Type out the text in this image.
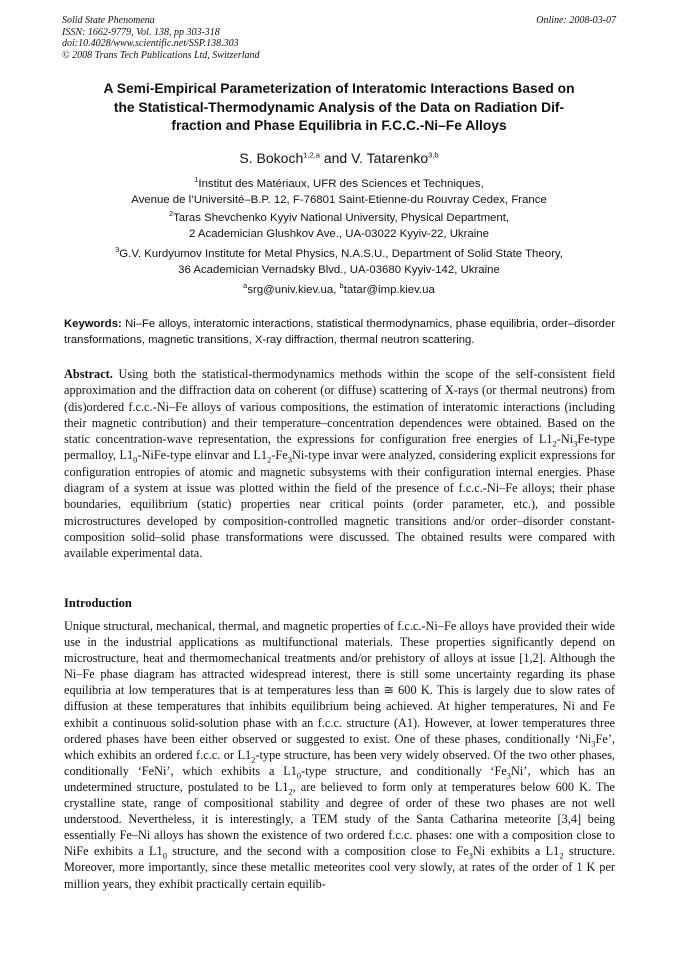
Solid State Phenomena
ISSN: 1662-9779, Vol. 138, pp 303-318
doi:10.4028/www.scientific.net/SSP.138.303
© 2008 Trans Tech Publications Ltd, Switzerland
Online: 2008-03-07
A Semi-Empirical Parameterization of Interatomic Interactions Based on
the Statistical-Thermodynamic Analysis of the Data on Radiation Dif-
fraction and Phase Equilibria in F.C.C.-Ni–Fe Alloys
S. Bokoch$^{1,2,a}$ and V. Tatarenko$^{3,b}$
$^1$Institut des Matériaux, UFR des Sciences et Techniques,
Avenue de l’Université–B.P. 12, F-76801 Saint-Etienne-du Rouvray Cedex, France
$^2$Taras Shevchenko Kyyiv National University, Physical Department,
2 Academician Glushkov Ave., UA-03022 Kyyiv-22, Ukraine
$^3$G.V. Kurdyumov Institute for Metal Physics, N.A.S.U., Department of Solid State Theory,
36 Academician Vernadsky Blvd., UA-03680 Kyyiv-142, Ukraine
$^a$srg@univ.kiev.ua, $^b$tatar@imp.kiev.ua
Keywords: Ni–Fe alloys, interatomic interactions, statistical thermodynamics, phase equilibria, order–disorder transformations, magnetic transitions, X-ray diffraction, thermal neutron scattering.
Abstract. Using both the statistical-thermodynamics methods within the scope of the self-consistent field approximation and the diffraction data on coherent (or diffuse) scattering of X-rays (or thermal neutrons) from (dis)ordered f.c.c.-Ni–Fe alloys of various compositions, the estimation of interatomic interactions (including their magnetic contribution) and their temperature–concentration dependences were obtained. Based on the static concentration-wave representation, the expressions for configuration free energies of $L1_2-Ni_3Fe$-type permalloy, $L1_0-NiFe$-type elinvar and $L1_2-Fe_3Ni$-type invar were analyzed, considering explicit expressions for configuration entropies of atomic and magnetic subsystems with their configuration internal energies. Phase diagram of a system at issue was plotted within the field of the presence of f.c.c.-Ni–Fe alloys; their phase boundaries, equilibrium (static) properties near critical points (order parameter, etc.), and possible microstructures developed by composition-controlled magnetic transitions and/or order–disorder constant-composition solid–solid phase transformations were discussed. The obtained results were compared with available experimental data.
Introduction
Unique structural, mechanical, thermal, and magnetic properties of f.c.c.-Ni–Fe alloys have provided their wide use in the industrial applications as multifunctional materials. These properties significantly depend on microstructure, heat and thermomechanical treatments and/or prehistory of alloys at issue [1,2]. Although the Ni–Fe phase diagram has attracted widespread interest, there is still some uncertainty regarding its phase equilibria at low temperatures that is at temperatures less than ≅ 600 K. This is largely due to slow rates of diffusion at these temperatures that inhibits equilibrium being achieved. At higher temperatures, Ni and Fe exhibit a continuous solid-solution phase with an f.c.c. structure (A1). However, at lower temperatures three ordered phases have been either observed or suggested to exist. One of these phases, conditionally ‘$Ni_3Fe$’, which exhibits an ordered f.c.c. or $L1_2$-type structure, has been very widely observed. Of the two other phases, conditionally ‘FeNi’, which exhibits a $L1_0$-type structure, and conditionally ‘$Fe_3Ni$’, which has an undetermined structure, postulated to be $L1_2$, are believed to form only at temperatures below 600 K. The crystalline state, range of compositional stability and degree of order of these two phases are not well understood. Nevertheless, it is interestingly, a TEM study of the Santa Catharina meteorite [3,4] being essentially Fe–Ni alloys has shown the existence of two ordered f.c.c. phases: one with a composition close to NiFe exhibits a $L1_0$ structure, and the second with a composition close to $Fe_3Ni$ exhibits a $L1_2$ structure. Moreover, more importantly, since these metallic meteorites cool very slowly, at rates of the order of 1 K per million years, they exhibit practically certain equilib-
